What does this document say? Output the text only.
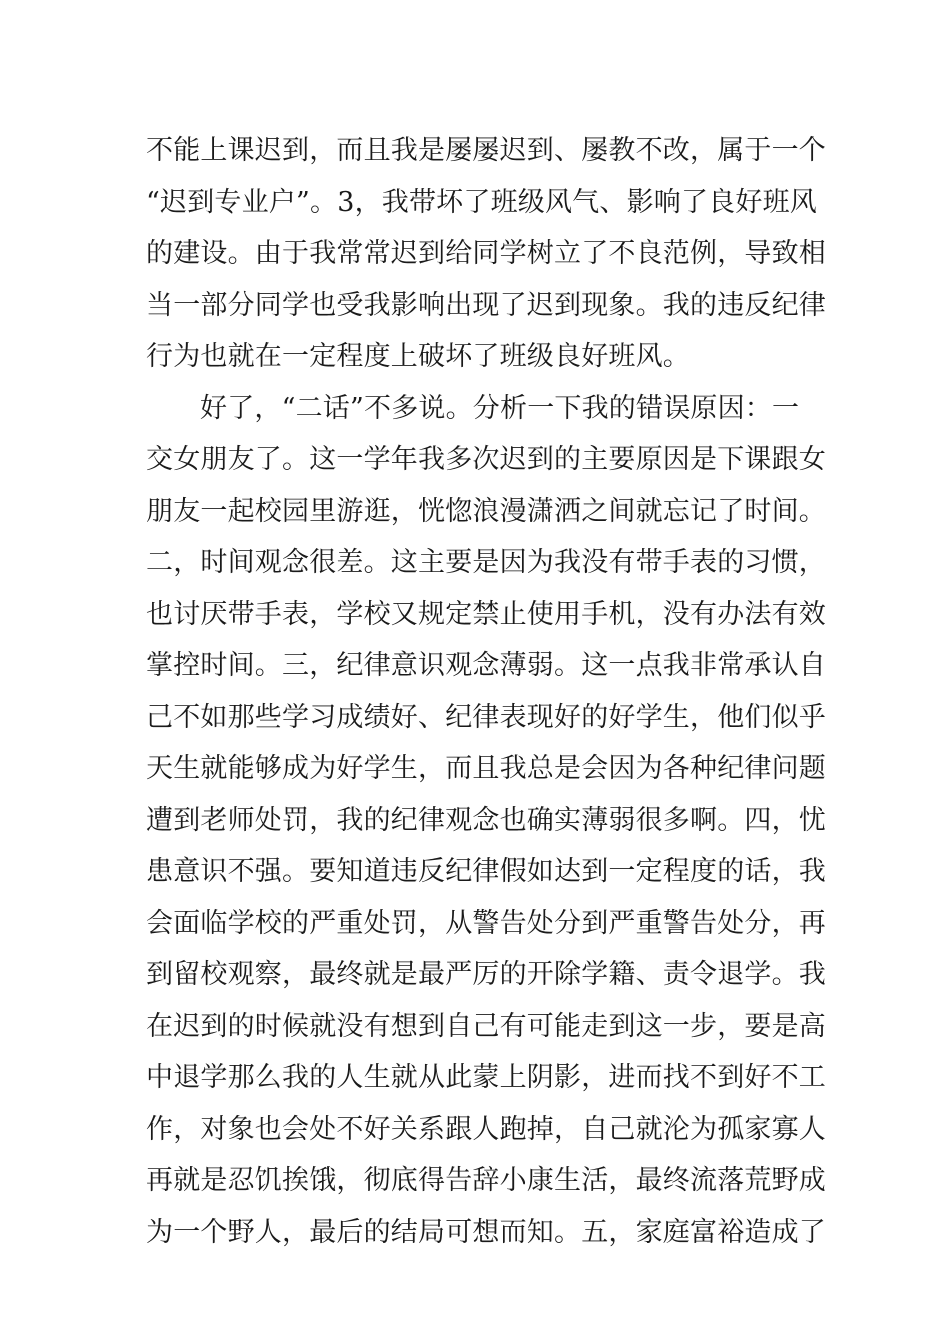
不能上课迟到，而且我是屡屡迟到、屡教不改，属于一个
“迟到专业户”。3，我带坏了班级风气、影响了良好班风
的建设。由于我常常迟到给同学树立了不良范例，导致相
当一部分同学也受我影响出现了迟到现象。我的违反纪律
行为也就在一定程度上破坏了班级良好班风。
好了，“二话”不多说。分析一下我的错误原因：一
交女朋友了。这一学年我多次迟到的主要原因是下课跟女
朋友一起校园里游逛，恍惚浪漫潇洒之间就忘记了时间。
二，时间观念很差。这主要是因为我没有带手表的习惯，
也讨厌带手表，学校又规定禁止使用手机，没有办法有效
掌控时间。三，纪律意识观念薄弱。这一点我非常承认自
己不如那些学习成绩好、纪律表现好的好学生，他们似乎
天生就能够成为好学生，而且我总是会因为各种纪律问题
遭到老师处罚，我的纪律观念也确实薄弱很多啊。四，忧
患意识不强。要知道违反纪律假如达到一定程度的话，我
会面临学校的严重处罚，从警告处分到严重警告处分，再
到留校观察，最终就是最严厉的开除学籍、责令退学。我
在迟到的时候就没有想到自己有可能走到这一步，要是高
中退学那么我的人生就从此蒙上阴影，进而找不到好不工
作，对象也会处不好关系跟人跑掉，自己就沦为孤家寡人
再就是忍饥挨饿，彻底得告辞小康生活，最终流落荒野成
为一个野人，最后的结局可想而知。五，家庭富裕造成了
